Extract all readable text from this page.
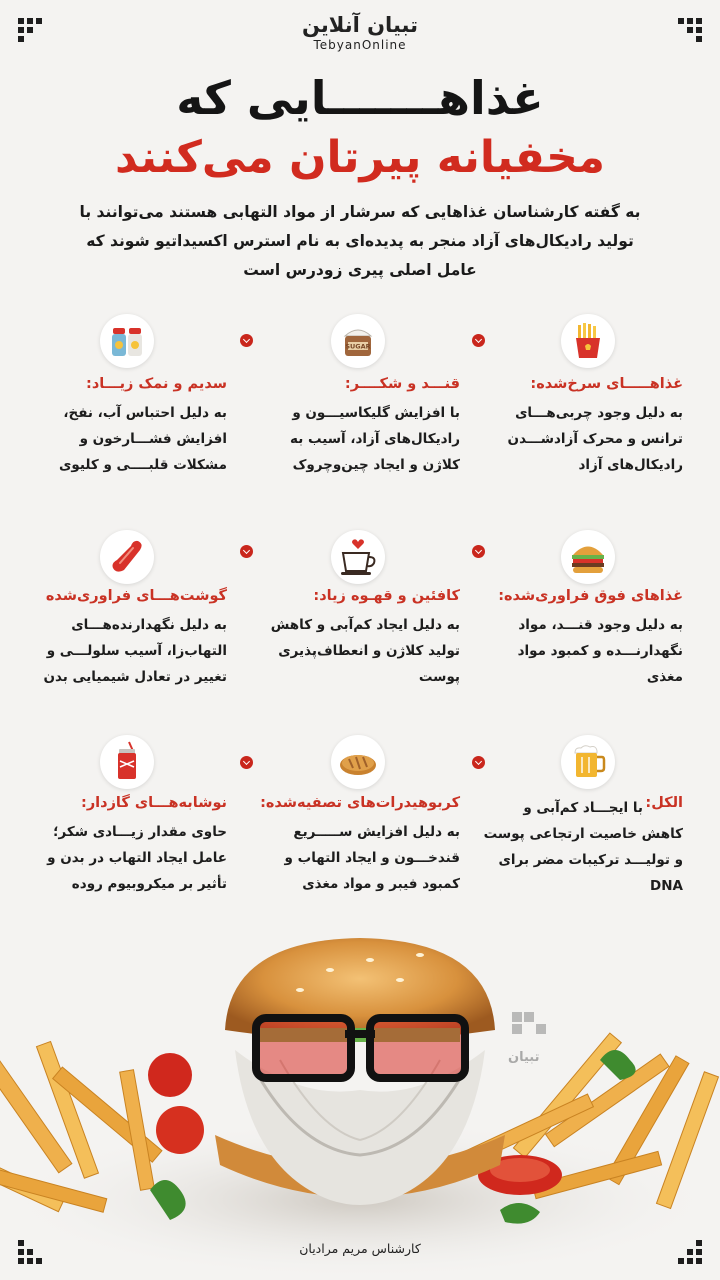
تبیان آنلاین
TebyanOnline
غذاهـــــــایی که
مخفیانه پیرتان می‌کنند
به گفته کارشناسان غذاهایی که سرشار از مواد التهابی هستند می‌توانند با تولید رادیکال‌های آزاد منجر به پدیده‌ای به نام استرس اکسیداتیو شوند که عامل اصلی پیری زودرس است
غذاهـــــای سرخ‌شده:
به دلیل وجود چربی‌هـــای ترانس و محرک آزادشـــدن رادیکال‌های آزاد
SUGAR
قنـــد و شکــــر:
با افزایش گلیکاسیـــون و رادیکال‌های آزاد، آسیب به کلاژن و ایجاد چین‌وچروک
سدیم و نمک زیـــاد:
به دلیل احتباس آب، نفخ، افزایش فشـــارخون و مشکلات قلبــــی و کلیوی
غذاهای فوق فراوری‌شده:
به دلیل وجود قنـــد، مواد نگهدارنـــده و کمبود مواد مغذی
کافئین و قهـوه زیاد:
به دلیل ایجاد کم‌آبی و کاهش تولید کلاژن و انعطاف‌پذیری پوست
گوشت‌هـــای فراوری‌شده
به دلیل نگهدارنده‌هـــای التهاب‌زا، آسیب سلولـــی و تغییر در تعادل شیمیایی بدن
الکل:
با ایجـــاد کم‌آبی و کاهش خاصیت ارتجاعی پوست و تولیـــد ترکیبات مضر برای DNA
کربوهیدرات‌های تصفیه‌شده:
به دلیل افزایش ســـــریع قندخـــون و ایجاد التهاب و کمبود فیبر و مواد مغذی
نوشابه‌هـــای گازدار:
حاوی مقدار زیـــادی شکر؛ عامل ایجاد التهاب در بدن و تأثیر بر میکروبیوم روده
تبیان
کارشناس مریم مرادیان
